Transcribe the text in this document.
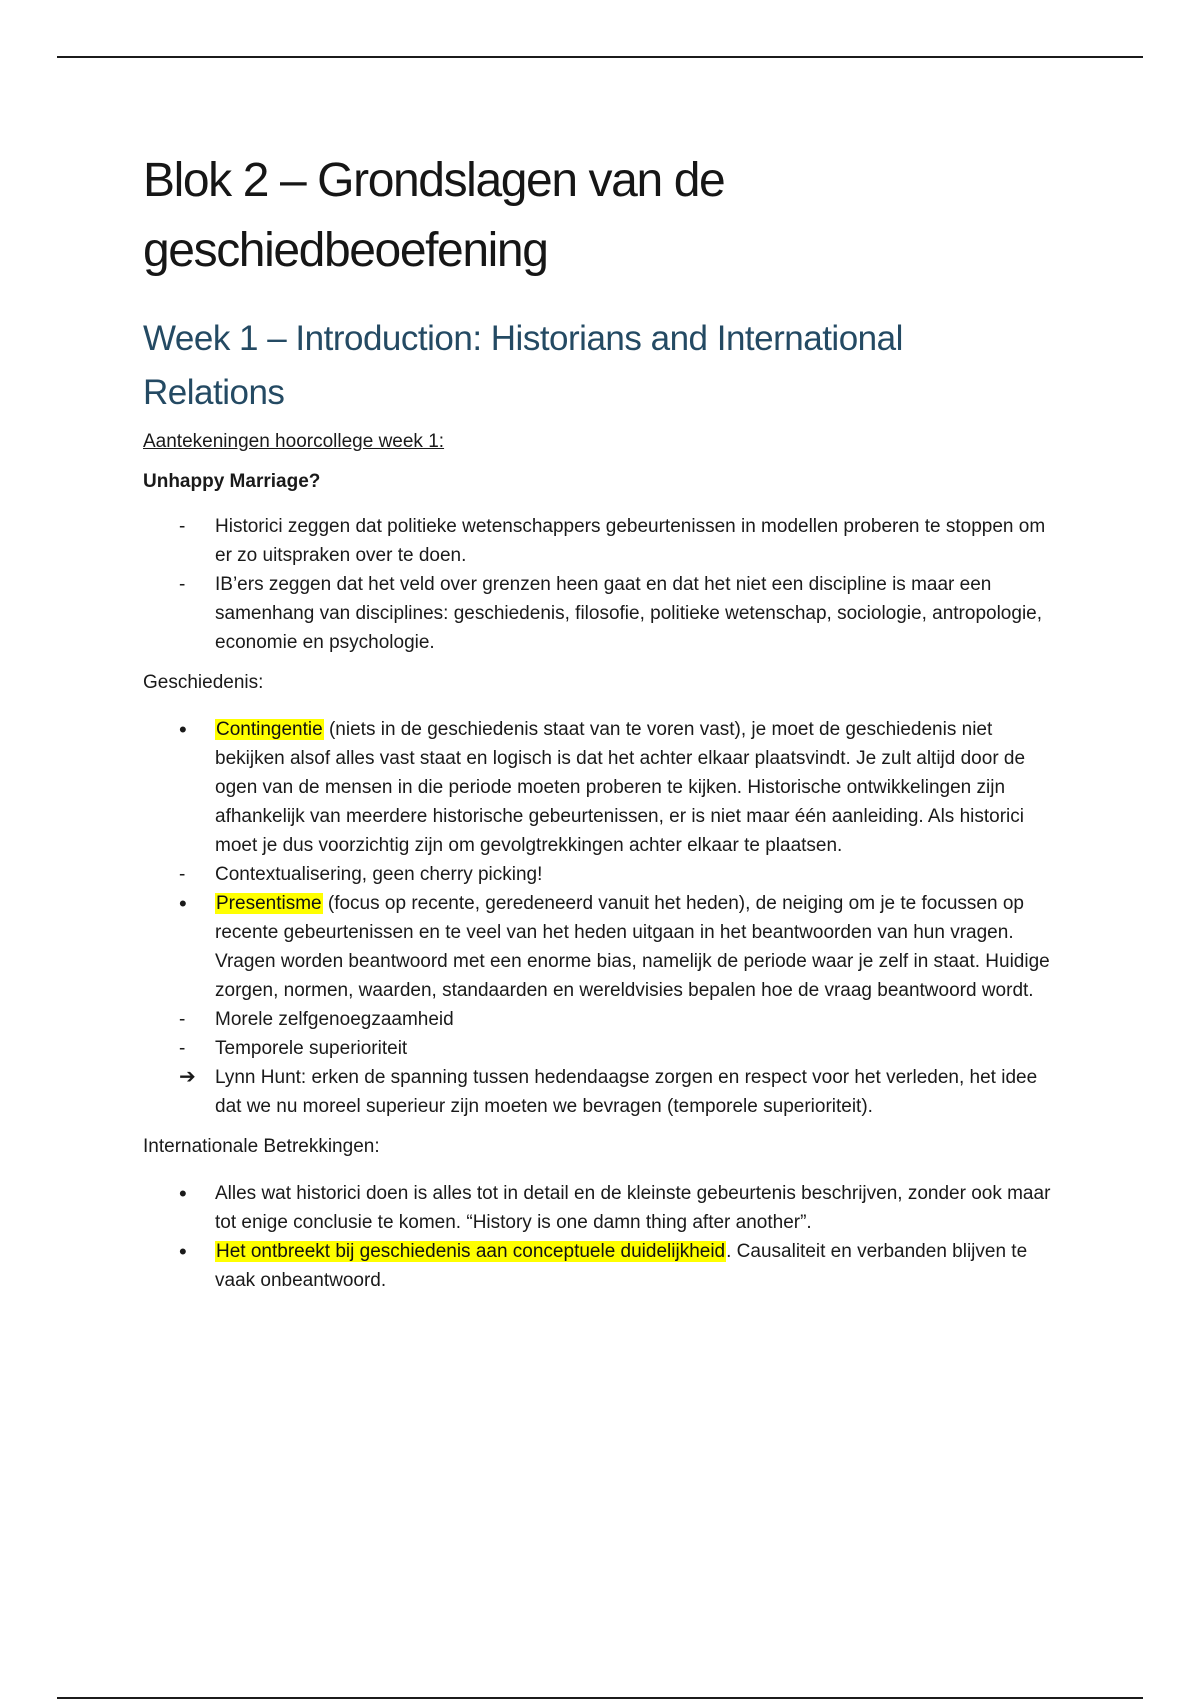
Blok 2 – Grondslagen van de geschiedbeoefening
Week 1 – Introduction: Historians and International Relations
Aantekeningen hoorcollege week 1:
Unhappy Marriage?
-	Historici zeggen dat politieke wetenschappers gebeurtenissen in modellen proberen te stoppen om er zo uitspraken over te doen.
-	IB’ers zeggen dat het veld over grenzen heen gaat en dat het niet een discipline is maar een samenhang van disciplines: geschiedenis, filosofie, politieke wetenschap, sociologie, antropologie, economie en psychologie.
Geschiedenis:
•	Contingentie (niets in de geschiedenis staat van te voren vast), je moet de geschiedenis niet bekijken alsof alles vast staat en logisch is dat het achter elkaar plaatsvindt. Je zult altijd door de ogen van de mensen in die periode moeten proberen te kijken. Historische ontwikkelingen zijn afhankelijk van meerdere historische gebeurtenissen, er is niet maar één aanleiding. Als historici moet je dus voorzichtig zijn om gevolgtrekkingen achter elkaar te plaatsen.
-	Contextualisering, geen cherry picking!
•	Presentisme (focus op recente, geredeneerd vanuit het heden), de neiging om je te focussen op recente gebeurtenissen en te veel van het heden uitgaan in het beantwoorden van hun vragen. Vragen worden beantwoord met een enorme bias, namelijk de periode waar je zelf in staat. Huidige zorgen, normen, waarden, standaarden en wereldvisies bepalen hoe de vraag beantwoord wordt.
-	Morele zelfgenoegzaamheid
-	Temporele superioriteit
➔ Lynn Hunt: erken de spanning tussen hedendaagse zorgen en respect voor het verleden, het idee dat we nu moreel superieur zijn moeten we bevragen (temporele superioriteit).
Internationale Betrekkingen:
•	Alles wat historici doen is alles tot in detail en de kleinste gebeurtenis beschrijven, zonder ook maar tot enige conclusie te komen. “History is one damn thing after another”.
•	Het ontbreekt bij geschiedenis aan conceptuele duidelijkheid. Causaliteit en verbanden blijven te vaak onbeantwoord.
